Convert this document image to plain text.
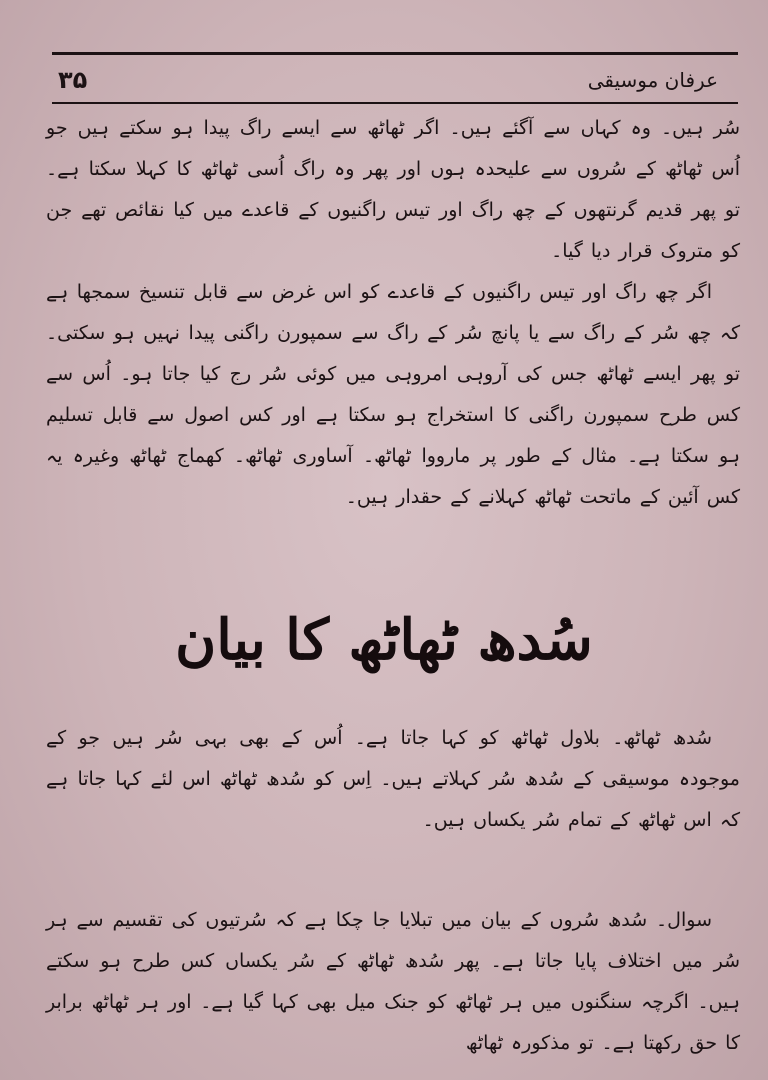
۳۵	عرفان موسیقی

سُر ہیں۔ وہ کہاں سے آگئے ہیں۔ اگر ٹھاٹھ سے ایسے راگ پیدا ہو سکتے ہیں جو اُس ٹھاٹھ کے سُروں سے علیحدہ ہوں اور پھر وہ راگ اُسی ٹھاٹھ کا کہلا سکتا ہے۔ تو پھر قدیم گرنتھوں کے چھ راگ اور تیس راگنیوں کے قاعدے میں کیا نقائص تھے جن کو متروک قرار دیا گیا۔

اگر چھ راگ اور تیس راگنیوں کے قاعدے کو اس غرض سے قابل تنسیخ سمجھا ہے کہ چھ سُر کے راگ سے یا پانچ سُر کے راگ سے سمپورن راگنی پیدا نہیں ہو سکتی۔ تو پھر ایسے ٹھاٹھ جس کی آروہی امروہی میں کوئی سُر رج کیا جاتا ہو۔ اُس سے کس طرح سمپورن راگنی کا استخراج ہو سکتا ہے اور کس اصول سے قابل تسلیم ہو سکتا ہے۔ مثال کے طور پر مارووا ٹھاٹھ۔ آساوری ٹھاٹھ۔ کھماج ٹھاٹھ وغیرہ یہ کس آئین کے ماتحت ٹھاٹھ کہلانے کے حقدار ہیں۔

سُدھ ٹھاٹھ کا بیان

سُدھ ٹھاٹھ۔ بلاول ٹھاٹھ کو کہا جاتا ہے۔ اُس کے بھی بہی سُر ہیں جو کے موجودہ موسیقی کے سُدھ سُر کہلاتے ہیں۔ اِس کو سُدھ ٹھاٹھ اس لئے کہا جاتا ہے کہ اس ٹھاٹھ کے تمام سُر یکساں ہیں۔

سوال۔ سُدھ سُروں کے بیان میں تبلایا جا چکا ہے کہ سُرتیوں کی تقسیم سے ہر سُر میں اختلاف پایا جاتا ہے۔ پھر سُدھ ٹھاٹھ کے سُر یکساں کس طرح ہو سکتے ہیں۔ اگرچہ سنگنوں میں ہر ٹھاٹھ کو جنک میل بھی کہا گیا ہے۔ اور ہر ٹھاٹھ برابر کا حق رکھتا ہے۔ تو مذکورہ ٹھاٹھ
